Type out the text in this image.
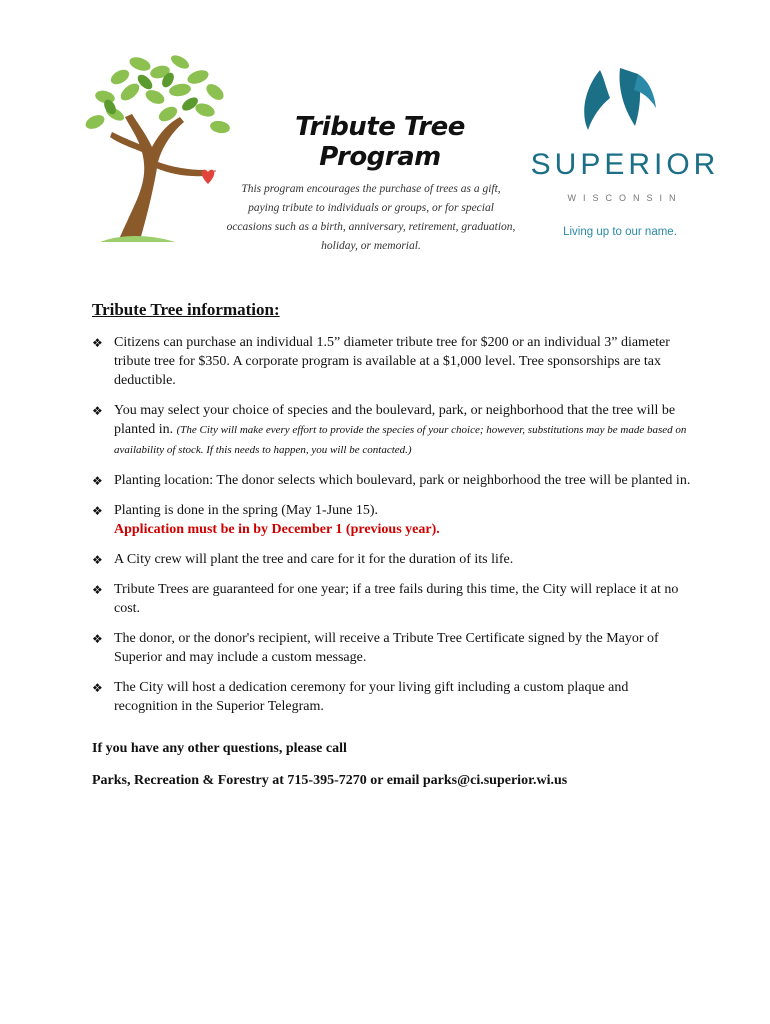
Tribute Tree Program
This program encourages the purchase of trees as a gift, paying tribute to individuals or groups, or for special occasions such as a birth, anniversary, retirement, graduation, holiday, or memorial.
SUPERIOR
WISCONSIN
Living up to our name.
Tribute Tree information:
❖ Citizens can purchase an individual 1.5” diameter tribute tree for $200 or an individual 3” diameter tribute tree for $350. A corporate program is available at a $1,000 level. Tree sponsorships are tax deductible.
❖ You may select your choice of species and the boulevard, park, or neighborhood that the tree will be planted in. (The City will make every effort to provide the species of your choice; however, substitutions may be made based on availability of stock. If this needs to happen, you will be contacted.)
❖ Planting location: The donor selects which boulevard, park or neighborhood the tree will be planted in.
❖ Planting is done in the spring (May 1-June 15).
Application must be in by December 1 (previous year).
❖ A City crew will plant the tree and care for it for the duration of its life.
❖ Tribute Trees are guaranteed for one year; if a tree fails during this time, the City will replace it at no cost.
❖ The donor, or the donor's recipient, will receive a Tribute Tree Certificate signed by the Mayor of Superior and may include a custom message.
❖ The City will host a dedication ceremony for your living gift including a custom plaque and recognition in the Superior Telegram.

If you have any other questions, please call

Parks, Recreation & Forestry at 715-395-7270 or email parks@ci.superior.wi.us
